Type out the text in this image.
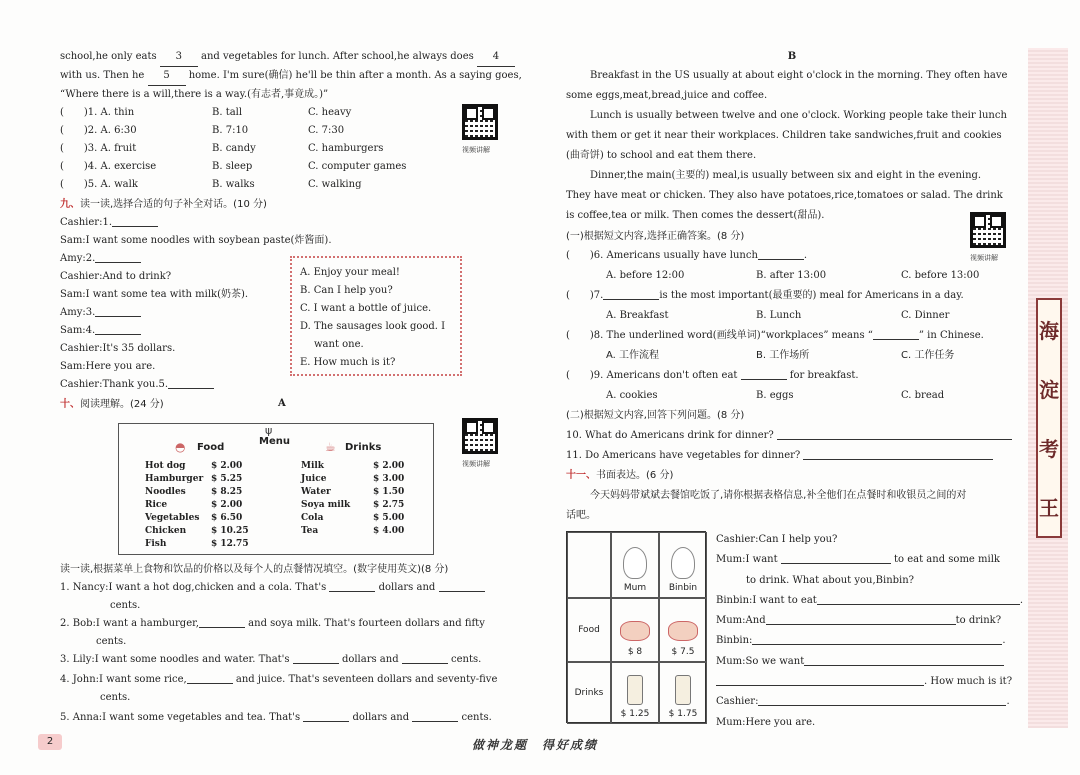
school,he only eats 3 and vegetables for lunch. After school,he always does 4
with us. Then he 5 home. I'm sure(确信) he'll be thin after a month. As a saying goes,
“Where there is a will,there is a way.(有志者,事竟成。)”
(　　)1. A. thin	B. tall	C. heavy
(　　)2. A. 6:30	B. 7:10	C. 7:30
(　　)3. A. fruit	B. candy	C. hamburgers
(　　)4. A. exercise	B. sleep	C. computer games
(　　)5. A. walk	B. walks	C. walking
九、读一读,选择合适的句子补全对话。(10 分)
Cashier:1.
Sam:I want some noodles with soybean paste(炸酱面).
Amy:2.
Cashier:And to drink?
Sam:I want some tea with milk(奶茶).
Amy:3.
Sam:4.
Cashier:It's 35 dollars.
Sam:Here you are.
Cashier:Thank you.5.
十、阅读理解。(24 分)
视频讲解
A. Enjoy your meal!
B. Can I help you?
C. I want a bottle of juice.
D. The sausages look good. I
want one.
E. How much is it?
A
ψ
Menu
◓ Food	☕ Drinks
Hot dog	$ 2.00
Hamburger	$ 5.25
Noodles	$ 8.25
Rice	$ 2.00
Vegetables	$ 6.50
Chicken	$ 10.25
Fish	$ 12.75
Milk	$ 2.00
Juice	$ 3.00
Water	$ 1.50
Soya milk	$ 2.75
Cola	$ 5.00
Tea	$ 4.00
视频讲解
读一读,根据菜单上食物和饮品的价格以及每个人的点餐情况填空。(数字使用英文)(8 分)
1. Nancy:I want a hot dog,chicken and a cola. That's	dollars and
cents.
2. Bob:I want a hamburger,	and soya milk. That's fourteen dollars and fifty
cents.
3. Lily:I want some noodles and water. That's	dollars and	cents.
4. John:I want some rice,	and juice. That's seventeen dollars and seventy-five
cents.
5. Anna:I want some vegetables and tea. That's	dollars and	cents.
2	做神龙题　得好成绩
B
Breakfast in the US usually at about eight o'clock in the morning. They often have
some eggs,meat,bread,juice and coffee.
Lunch is usually between twelve and one o'clock. Working people take their lunch
with them or get it near their workplaces. Children take sandwiches,fruit and cookies
(曲奇饼) to school and eat them there.
Dinner,the main(主要的) meal,is usually between six and eight in the evening.
They have meat or chicken. They also have potatoes,rice,tomatoes or salad. The drink
is coffee,tea or milk. Then comes the dessert(甜品).
(一)根据短文内容,选择正确答案。(8 分)
(　　)6. Americans usually have lunch	.
A. before 12:00	B. after 13:00	C. before 13:00
(　　)7.	is the most important(最重要的) meal for Americans in a day.
A. Breakfast	B. Lunch	C. Dinner
(　　)8. The underlined word(画线单词)“workplaces” means “	” in Chinese.
A. 工作流程	B. 工作场所	C. 工作任务
(　　)9. Americans don't often eat	for breakfast.
A. cookies	B. eggs	C. bread
(二)根据短文内容,回答下列问题。(8 分)
10. What do Americans drink for dinner?
11. Do Americans have vegetables for dinner?
十一、书面表达。(6 分)
今天妈妈带斌斌去餐馆吃饭了,请你根据表格信息,补全他们在点餐时和收银员之间的对
话吧。
视频讲解
Mum	Binbin
Food
$ 8	$ 7.5
Drinks
$ 1.25 $ 1.75
Cashier:Can I help you?
Mum:I want	to eat and some milk
to drink. What about you,Binbin?
Binbin:I want to eat	.
Mum:And	to drink?
Binbin:	.
Mum:So we want
. How much is it?
Cashier:	.
Mum:Here you are.
海
淀
考
王
